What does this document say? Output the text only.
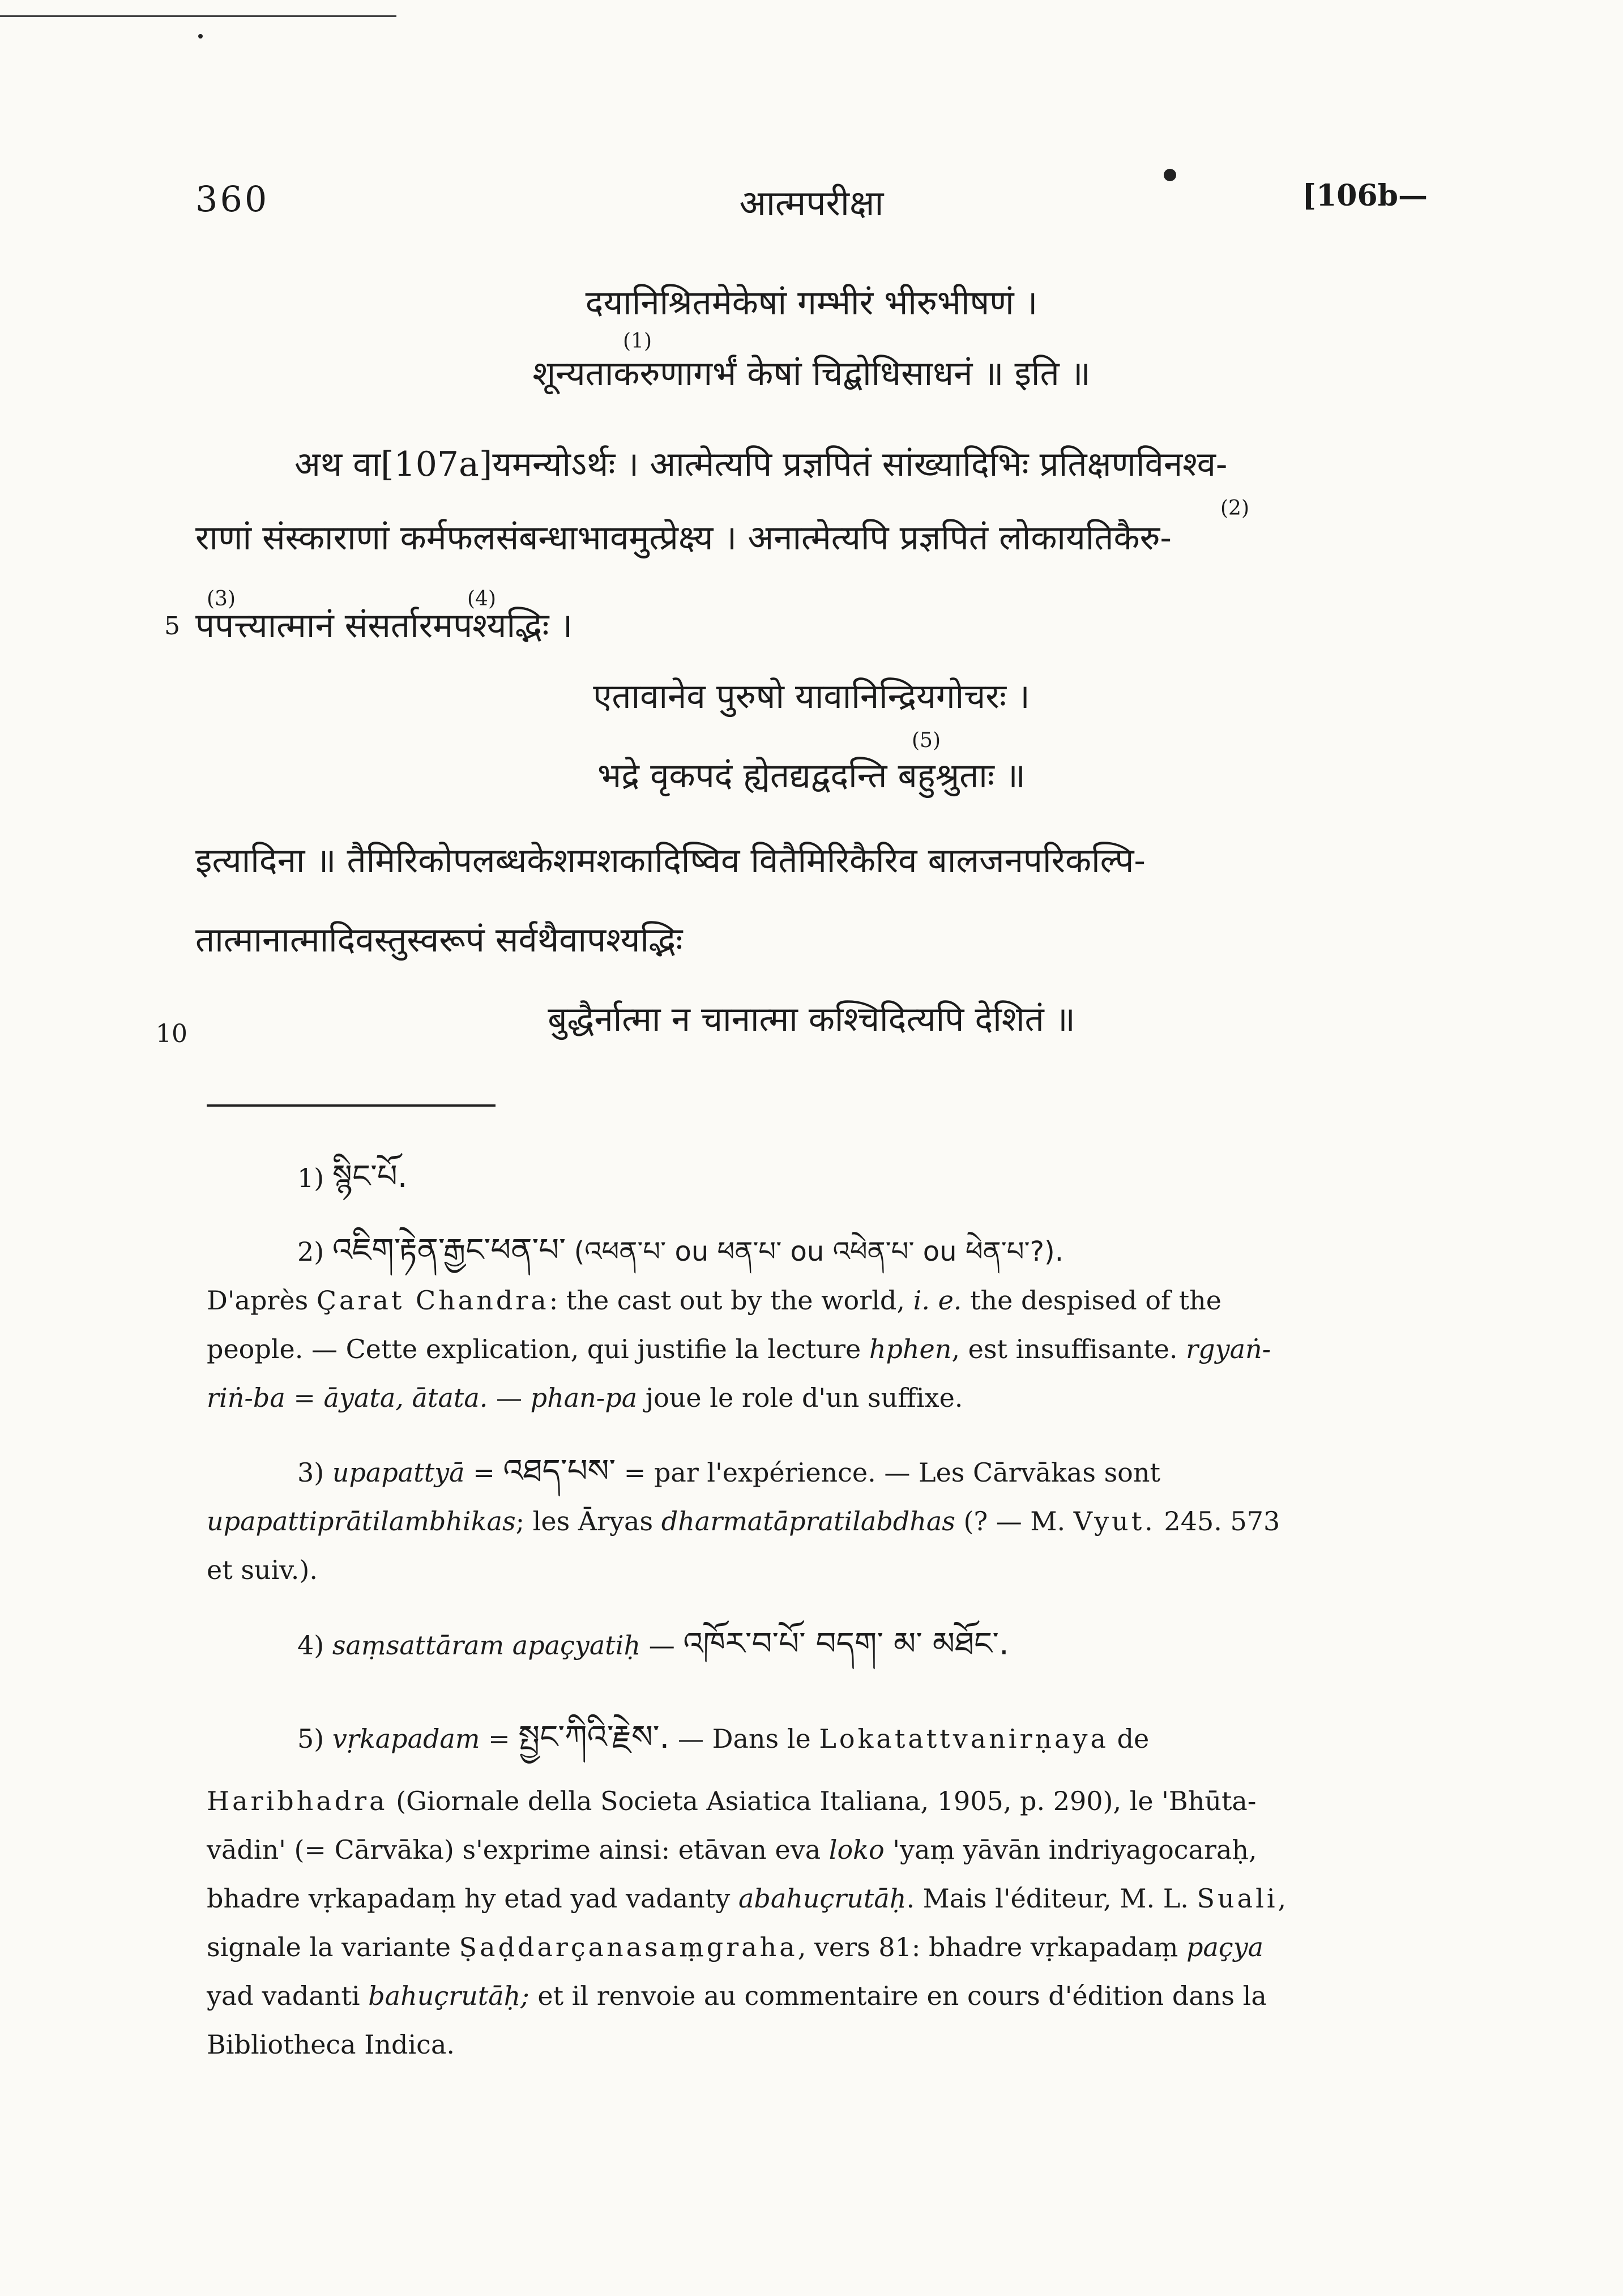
360	आत्मपरीक्षा	[106b—
दयानिश्रितमेकेषां गम्भीरं भीरुभीषणं ।
(1)
शून्यताकरुणागर्भं केषां चिद्बोधिसाधनं ॥ इति ॥
अथ वा[107a]यमन्योऽर्थः । आत्मेत्यपि प्रज्ञपितं सांख्यादिभिः प्रतिक्षणविनश्व-
(2)
राणां संस्काराणां कर्मफलसंबन्धाभावमुत्प्रेक्ष्य । अनात्मेत्यपि प्रज्ञपितं लोकायतिकैरु-
5
(3)	(4)
पपत्त्यात्मानं संसर्तारमपश्यद्भिः ।
एतावानेव पुरुषो यावानिन्द्रियगोचरः ।
(5)
भद्रे वृकपदं ह्येतद्यद्वदन्ति बहुश्रुताः ॥
इत्यादिना ॥ तैमिरिकोपलब्धकेशमशकादिष्विव वितैमिरिकैरिव बालजनपरिकल्पि-
तात्मानात्मादिवस्तुस्वरूपं सर्वथैवापश्यद्भिः
10	बुद्धैर्नात्मा न चानात्मा कश्चिदित्यपि देशितं ॥
1) སྙིང་པོ.
2) འཇིག་རྟེན་རྒྱང་ཕན་པ་ (འཕན་པ་ ou ཕན་པ་ ou འཕེན་པ་ ou ཕེན་པ་?).
D'après Çarat Chandra: the cast out by the world, i. e. the despised of the
people. — Cette explication, qui justifie la lecture hphen, est insuffisante. rgyaṅ-
riṅ-ba = āyata, ātata. — phan-pa joue le role d'un suffixe.
3) upapattyā = འཐད་པས་ = par l'expérience. — Les Cārvākas sont
upapattiprātilambhikas; les Āryas dharmatāpratilabdhas (? — M. Vyut. 245. 573
et suiv.).
4) saṃsattāram apaçyatiḥ — འཁོར་བ་པོ་ བདག་ མ་ མཐོང་.
5) vṛkapadam = སྤྱང་ཀིའི་རྗེས་. — Dans le Lokatattvanirṇaya de
Haribhadra (Giornale della Societa Asiatica Italiana, 1905, p. 290), le 'Bhūta-
vādin' (= Cārvāka) s'exprime ainsi: etāvan eva loko 'yaṃ yāvān indriyagocaraḥ,
bhadre vṛkapadaṃ hy etad yad vadanty abahuçrutāḥ. Mais l'éditeur, M. L. Suali,
signale la variante Ṣaḍdarçanasaṃgraha, vers 81: bhadre vṛkapadaṃ paçya
yad vadanti bahuçrutāḥ; et il renvoie au commentaire en cours d'édition dans la
Bibliotheca Indica.
